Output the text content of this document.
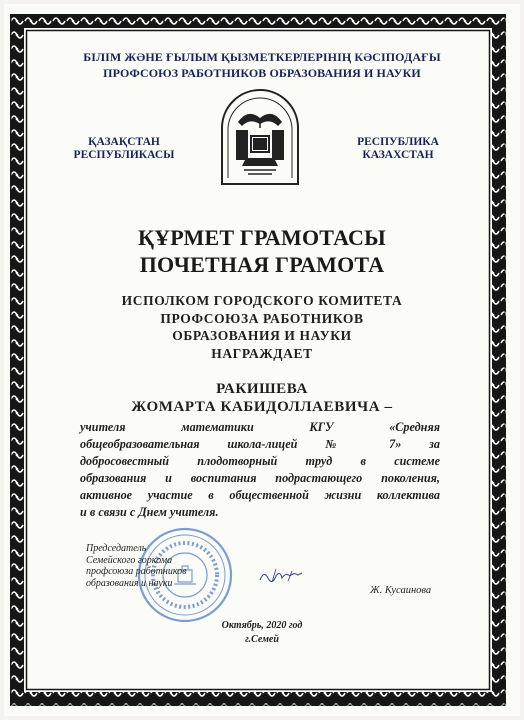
БІЛІМ ЖӘНЕ ҒЫЛЫМ ҚЫЗМЕТКЕРЛЕРІНІҢ КӘСІПОДАҒЫ
ПРОФСОЮЗ РАБОТНИКОВ ОБРАЗОВАНИЯ И НАУКИ
ҚАЗАҚСТАН
РЕСПУБЛИКАСЫ
РЕСПУБЛИКА
КАЗАХСТАН
ҚҰРМЕТ ГРАМОТАСЫ
ПОЧЕТНАЯ ГРАМОТА
ИСПОЛКОМ ГОРОДСКОГО КОМИТЕТА
ПРОФСОЮЗА РАБОТНИКОВ
ОБРАЗОВАНИЯ И НАУКИ
НАГРАЖДАЕТ
РАКИШЕВА
ЖОМАРТА КАБИДОЛЛАЕВИЧА –
учителя математики КГУ «Средняя
общеобразовательная школа-лицей № 7» за
добросовестный плодотворный труд в системе
образования и воспитания подрастающего поколения,
активное участие в общественной жизни коллектива
и в связи с Днем учителя.
Председатель
Семейского горкома
профсоюза работников
образования и науки
Ж. Кусаинова
Октябрь, 2020 год
г.Семей
